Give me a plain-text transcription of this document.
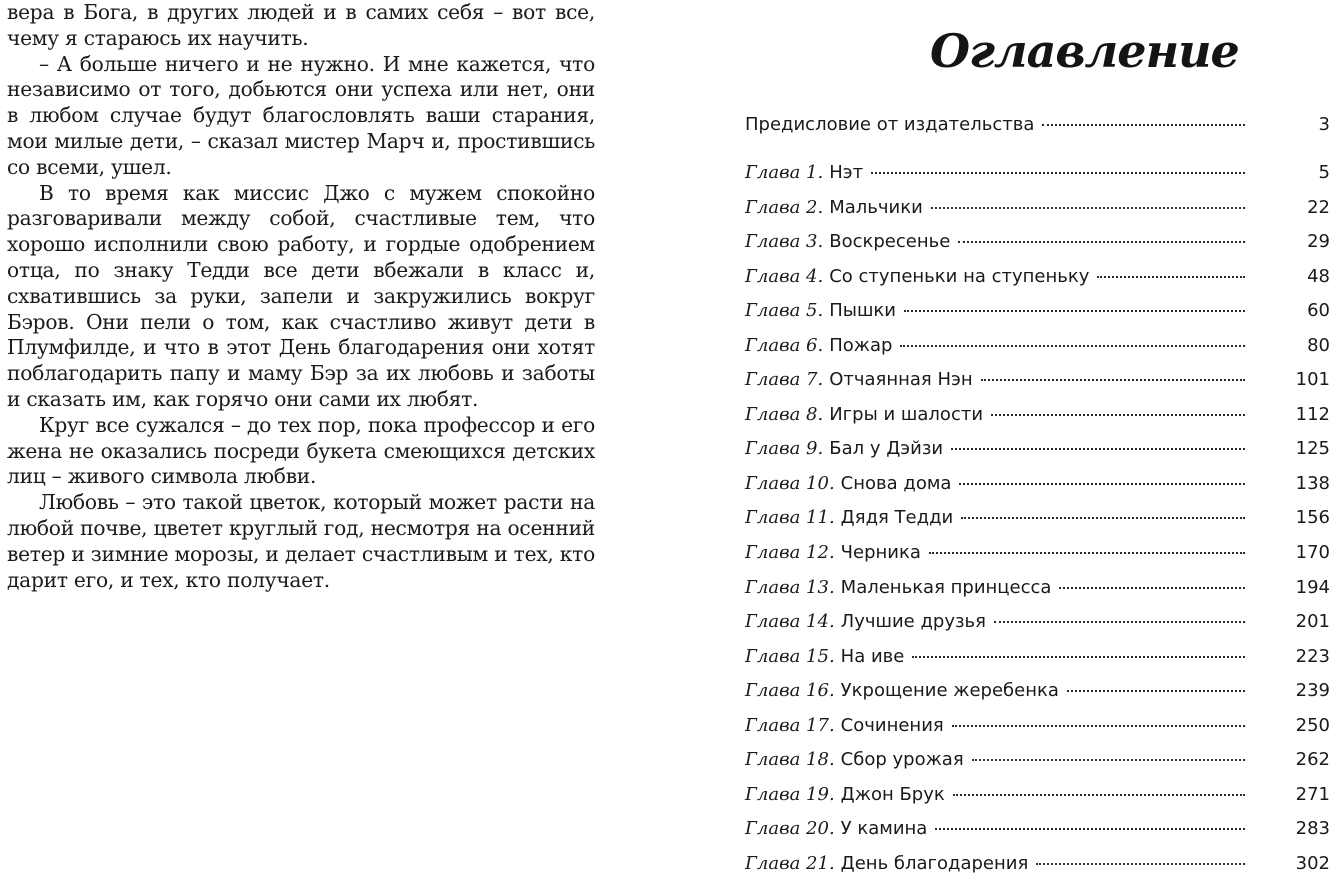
вера в Бога, в других людей и в самих себя – вот все, чему я стараюсь их научить.

– А больше ничего и не нужно. И мне кажется, что независимо от того, добьются они успеха или нет, они в любом случае будут благословлять ваши старания, мои милые дети, – сказал мистер Марч и, простившись со всеми, ушел.

В то время как миссис Джо с мужем спокойно разговаривали между собой, счастливые тем, что хорошо исполнили свою работу, и гордые одобрением отца, по знаку Тедди все дети вбежали в класс и, схватившись за руки, запели и закружились вокруг Бэров. Они пели о том, как счастливо живут дети в Плумфилде, и что в этот День благодарения они хотят поблагодарить папу и маму Бэр за их любовь и заботы и сказать им, как горячо они сами их любят.

Круг все сужался – до тех пор, пока профессор и его жена не оказались посреди букета смеющихся детских лиц – живого символа любви.

Любовь – это такой цветок, который может расти на любой почве, цветет круглый год, несмотря на осенний ветер и зимние морозы, и делает счастливым и тех, кто дарит его, и тех, кто получает.

Оглавление
Предисловие от издательства	3
Глава 1. Нэт	5
Глава 2. Мальчики	22
Глава 3. Воскресенье	29
Глава 4. Со ступеньки на ступеньку	48
Глава 5. Пышки	60
Глава 6. Пожар	80
Глава 7. Отчаянная Нэн	101
Глава 8. Игры и шалости	112
Глава 9. Бал у Дэйзи	125
Глава 10. Снова дома	138
Глава 11. Дядя Тедди	156
Глава 12. Черника	170
Глава 13. Маленькая принцесса	194
Глава 14. Лучшие друзья	201
Глава 15. На иве	223
Глава 16. Укрощение жеребенка	239
Глава 17. Сочинения	250
Глава 18. Сбор урожая	262
Глава 19. Джон Брук	271
Глава 20. У камина	283
Глава 21. День благодарения	302
